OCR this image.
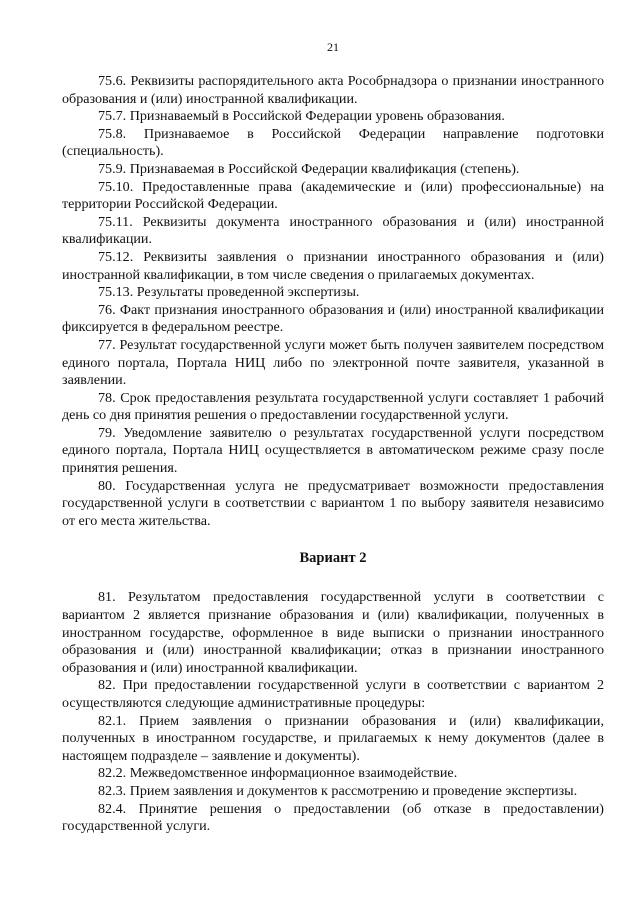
21

75.6. Реквизиты распорядительного акта Рособрнадзора о признании иностранного образования и (или) иностранной квалификации.

75.7. Признаваемый в Российской Федерации уровень образования.

75.8. Признаваемое в Российской Федерации направление подготовки (специальность).

75.9. Признаваемая в Российской Федерации квалификация (степень).

75.10. Предоставленные права (академические и (или) профессиональные) на территории Российской Федерации.

75.11. Реквизиты документа иностранного образования и (или) иностранной квалификации.

75.12. Реквизиты заявления о признании иностранного образования и (или) иностранной квалификации, в том числе сведения о прилагаемых документах.

75.13. Результаты проведенной экспертизы.

76. Факт признания иностранного образования и (или) иностранной квалификации фиксируется в федеральном реестре.

77. Результат государственной услуги может быть получен заявителем посредством единого портала, Портала НИЦ либо по электронной почте заявителя, указанной в заявлении.

78. Срок предоставления результата государственной услуги составляет 1 рабочий день со дня принятия решения о предоставлении государственной услуги.

79. Уведомление заявителю о результатах государственной услуги посредством единого портала, Портала НИЦ осуществляется в автоматическом режиме сразу после принятия решения.

80. Государственная услуга не предусматривает возможности предоставления государственной услуги в соответствии с вариантом 1 по выбору заявителя независимо от его места жительства.

Вариант 2

81. Результатом предоставления государственной услуги в соответствии с вариантом 2 является признание образования и (или) квалификации, полученных в иностранном государстве, оформленное в виде выписки о признании иностранного образования и (или) иностранной квалификации; отказ в признании иностранного образования и (или) иностранной квалификации.

82. При предоставлении государственной услуги в соответствии с вариантом 2 осуществляются следующие административные процедуры:

82.1. Прием заявления о признании образования и (или) квалификации, полученных в иностранном государстве, и прилагаемых к нему документов (далее в настоящем подразделе – заявление и документы).

82.2. Межведомственное информационное взаимодействие.

82.3. Прием заявления и документов к рассмотрению и проведение экспертизы.

82.4. Принятие решения о предоставлении (об отказе в предоставлении) государственной услуги.
